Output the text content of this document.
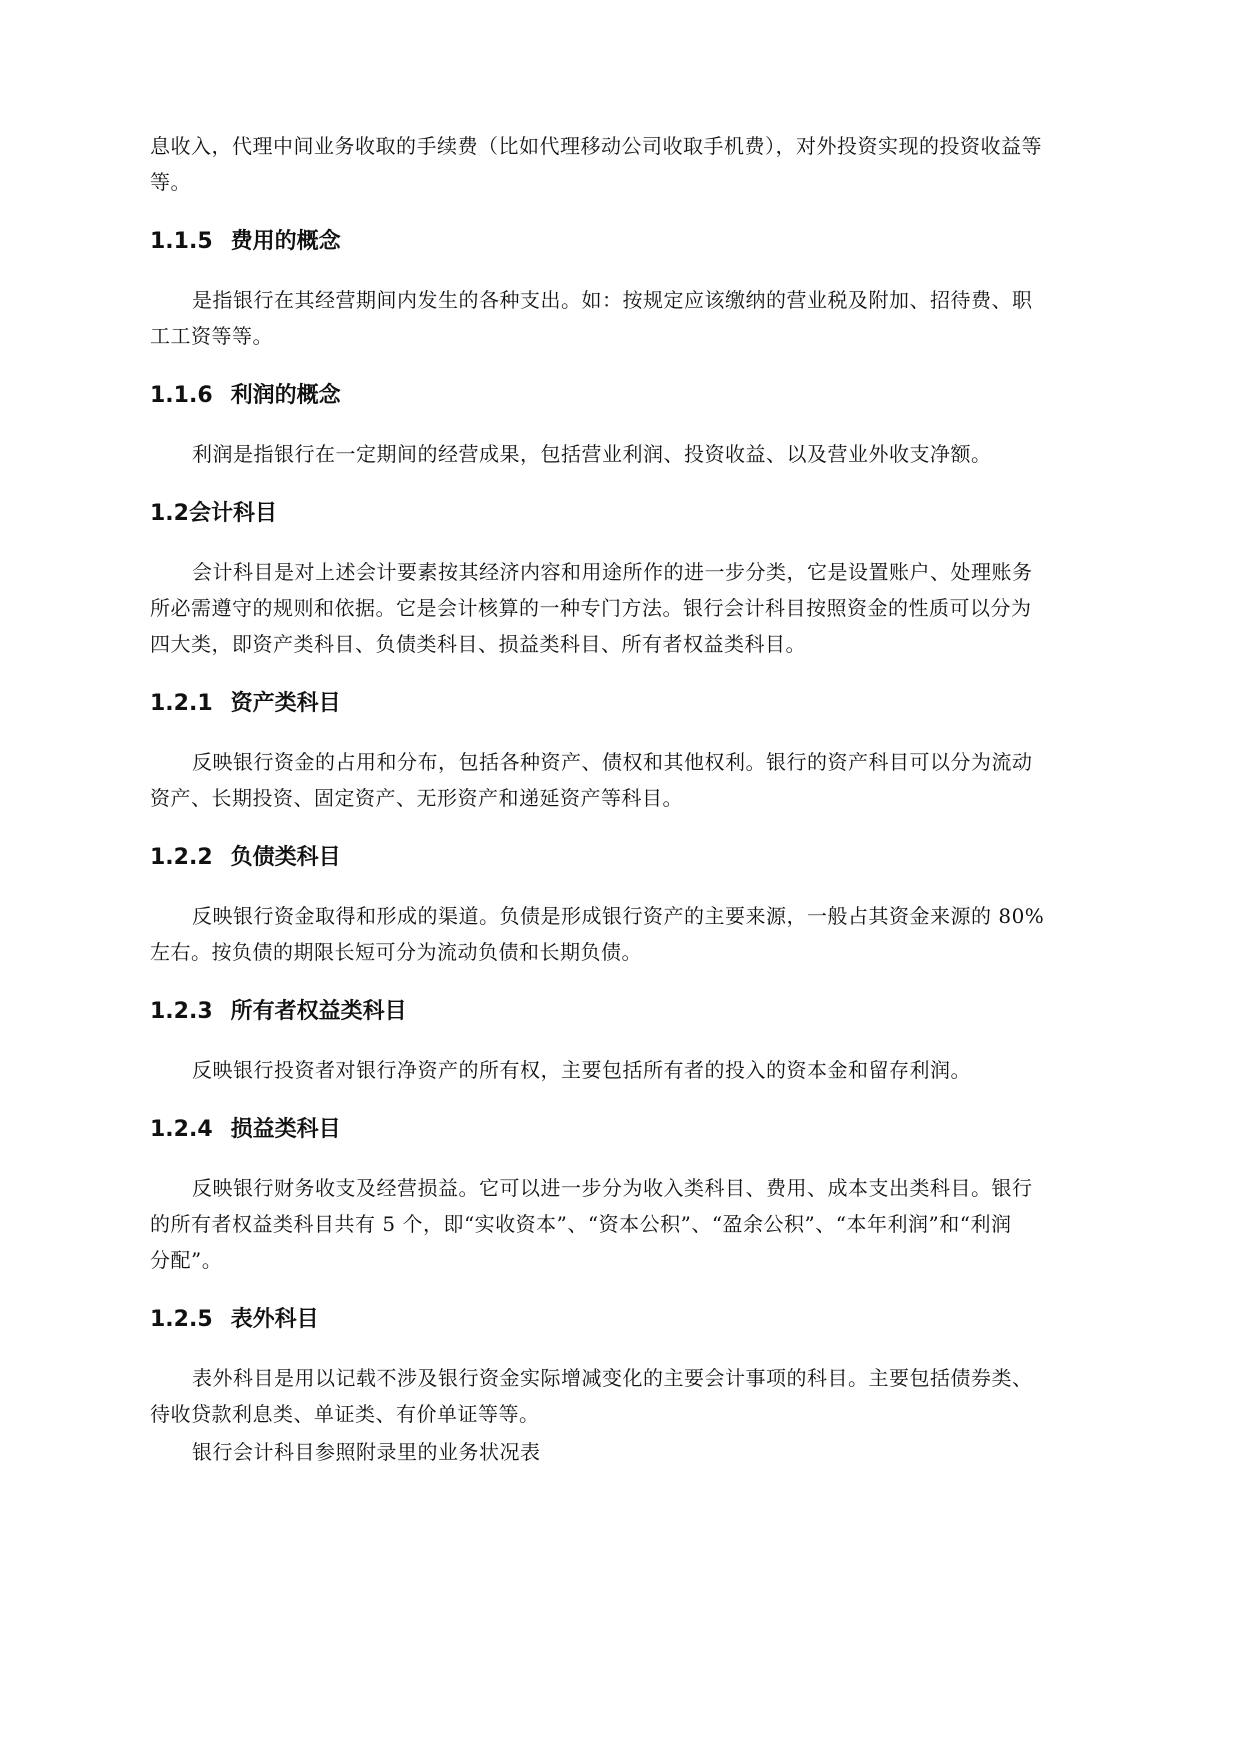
息收入，代理中间业务收取的手续费（比如代理移动公司收取手机费），对外投资实现的投资收益等
等。

1.1.5 费用的概念

是指银行在其经营期间内发生的各种支出。如：按规定应该缴纳的营业税及附加、招待费、职
工工资等等。

1.1.6 利润的概念

利润是指银行在一定期间的经营成果，包括营业利润、投资收益、以及营业外收支净额。

1.2会计科目

会计科目是对上述会计要素按其经济内容和用途所作的进一步分类，它是设置账户、处理账务
所必需遵守的规则和依据。它是会计核算的一种专门方法。银行会计科目按照资金的性质可以分为
四大类，即资产类科目、负债类科目、损益类科目、所有者权益类科目。

1.2.1 资产类科目

反映银行资金的占用和分布，包括各种资产、债权和其他权利。银行的资产科目可以分为流动
资产、长期投资、固定资产、无形资产和递延资产等科目。

1.2.2 负债类科目

反映银行资金取得和形成的渠道。负债是形成银行资产的主要来源，一般占其资金来源的 80%
左右。按负债的期限长短可分为流动负债和长期负债。

1.2.3 所有者权益类科目

反映银行投资者对银行净资产的所有权，主要包括所有者的投入的资本金和留存利润。

1.2.4 损益类科目

反映银行财务收支及经营损益。它可以进一步分为收入类科目、费用、成本支出类科目。银行
的所有者权益类科目共有 5 个，即“实收资本”、“资本公积”、“盈余公积”、“本年利润”和“利润
分配”。

1.2.5 表外科目

表外科目是用以记载不涉及银行资金实际增减变化的主要会计事项的科目。主要包括债券类、
待收贷款利息类、单证类、有价单证等等。

银行会计科目参照附录里的业务状况表
